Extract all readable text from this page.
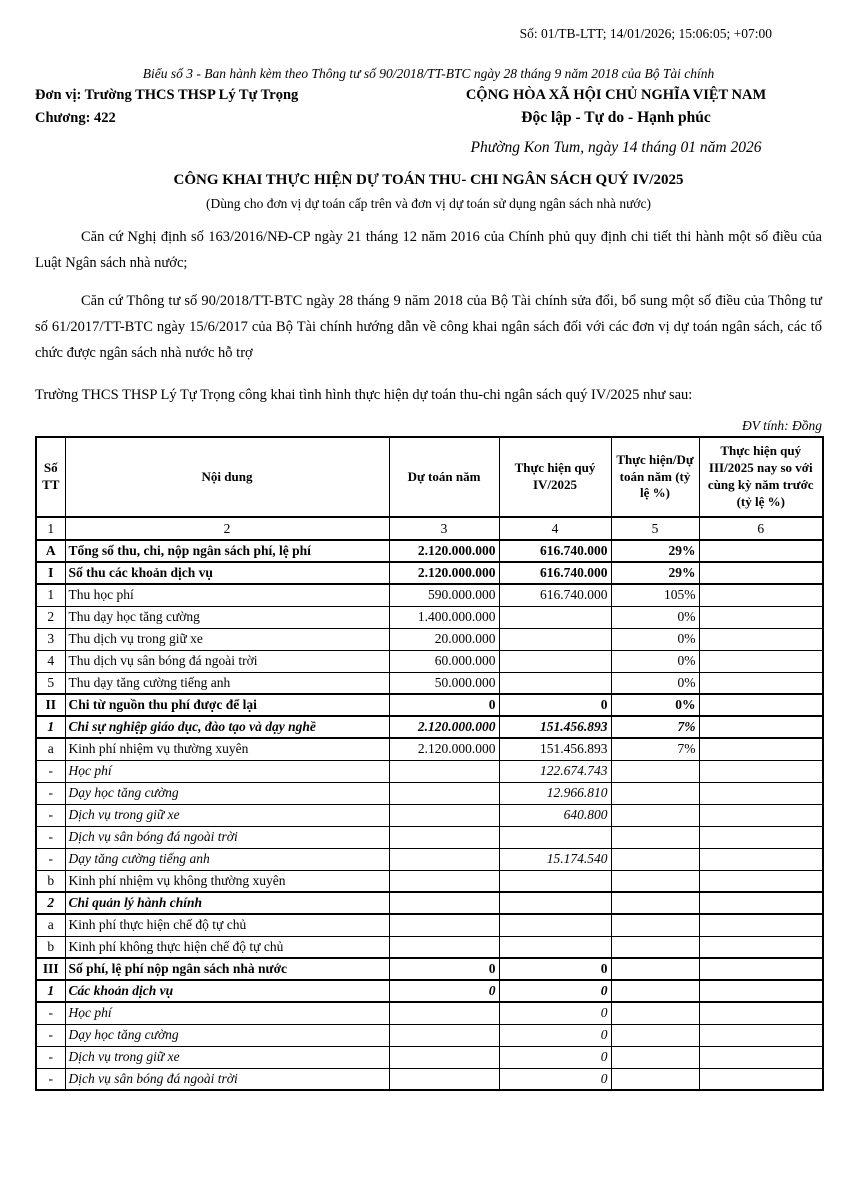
Số: 01/TB-LTT; 14/01/2026; 15:06:05; +07:00
Biểu số 3 - Ban hành kèm theo Thông tư số 90/2018/TT-BTC ngày 28 tháng 9 năm 2018 của Bộ Tài chính
Đơn vị: Trường THCS THSP Lý Tự Trọng
Chương: 422
CỘNG HÒA XÃ HỘI CHỦ NGHĨA VIỆT NAM
Độc lập - Tự do - Hạnh phúc
Phường Kon Tum, ngày 14 tháng 01 năm 2026
CÔNG KHAI THỰC HIỆN DỰ TOÁN THU- CHI NGÂN SÁCH QUÝ IV/2025
(Dùng cho đơn vị dự toán cấp trên và đơn vị dự toán sử dụng ngân sách nhà nước)

Căn cứ Nghị định số 163/2016/NĐ-CP ngày 21 tháng 12 năm 2016 của Chính phủ quy định chi tiết thi hành một số điều của Luật Ngân sách nhà nước;

Căn cứ Thông tư số 90/2018/TT-BTC ngày 28 tháng 9 năm 2018 của Bộ Tài chính sửa đổi, bổ sung một số điều của Thông tư số 61/2017/TT-BTC ngày 15/6/2017 của Bộ Tài chính hướng dẫn về công khai ngân sách đối với các đơn vị dự toán ngân sách, các tổ chức được ngân sách nhà nước hỗ trợ

Trường THCS THSP Lý Tự Trọng công khai tình hình thực hiện dự toán thu-chi ngân sách quý IV/2025 như sau:

ĐV tính: Đồng
Số TT	Nội dung	Dự toán năm	Thực hiện quý IV/2025	Thực hiện/Dự toán năm (tỷ lệ %)	Thực hiện quý III/2025 nay so với cùng kỳ năm trước (tỷ lệ %)
1	2	3	4	5	6
A	Tổng số thu, chi, nộp ngân sách phí, lệ phí	2.120.000.000	616.740.000	29%	
I	Số thu các khoản dịch vụ	2.120.000.000	616.740.000	29%	
1	Thu học phí	590.000.000	616.740.000	105%	
2	Thu dạy học tăng cường	1.400.000.000		0%	
3	Thu dịch vụ trong giữ xe	20.000.000		0%	
4	Thu dịch vụ sân bóng đá ngoài trời	60.000.000		0%	
5	Thu dạy tăng cường tiếng anh	50.000.000		0%	
II	Chi từ nguồn thu phí được để lại	0	0	0%	
1	Chi sự nghiệp giáo dục, đào tạo và dạy nghề	2.120.000.000	151.456.893	7%	
a	Kinh phí nhiệm vụ thường xuyên	2.120.000.000	151.456.893	7%	
-	Học phí		122.674.743		
-	Dạy học tăng cường		12.966.810		
-	Dịch vụ trong giữ xe		640.800		
-	Dịch vụ sân bóng đá ngoài trời				
-	Dạy tăng cường tiếng anh		15.174.540		
b	Kinh phí nhiệm vụ không thường xuyên				
2	Chi quản lý hành chính				
a	Kinh phí thực hiện chế độ tự chủ				
b	Kinh phí không thực hiện chế độ tự chủ				
III	Số phí, lệ phí nộp ngân sách nhà nước	0	0		
1	Các khoản dịch vụ	0	0		
-	Học phí		0		
-	Dạy học tăng cường		0		
-	Dịch vụ trong giữ xe		0		
-	Dịch vụ sân bóng đá ngoài trời		0		
